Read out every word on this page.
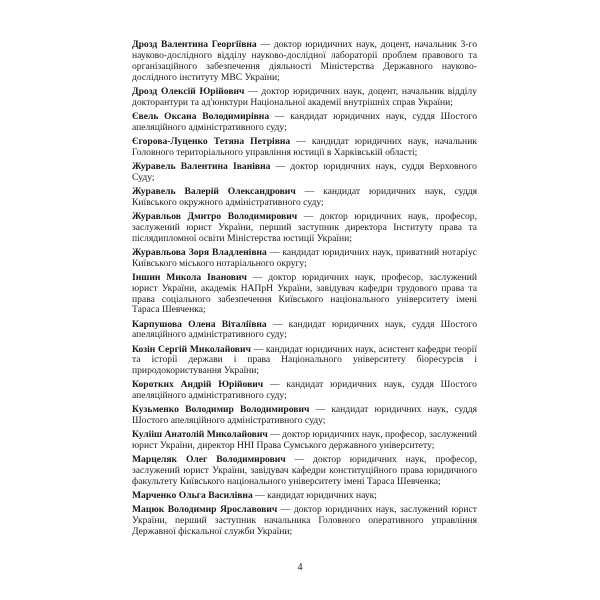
Дрозд Валентина Георгіївна — доктор юридичних наук, доцент, начальник 3-го науково-дослідного відділу науково-дослідної лабораторії проблем правового та організаційного забезпечення діяльності Міністерства Державного науково-дослідного інституту МВС України;

Дрозд Олексій Юрійович — доктор юридичних наук, доцент, начальник відділу докторантури та ад'юнктури Національної академії внутрішніх справ України;

Євель Оксана Володимирівна — кандидат юридичних наук, суддя Шостого апеляційного адміністративного суду;

Єгорова-Луценко Тетяна Петрівна — кандидат юридичних наук, начальник Головного територіального управління юстиції в Харківській області;

Журавель Валентина Іванівна — доктор юридичних наук, суддя Верховного Суду;

Журавель Валерій Олександрович — кандидат юридичних наук, суддя Київського окружного адміністративного суду;

Журавльов Дмитро Володимирович — доктор юридичних наук, професор, заслужений юрист України, перший заступник директора Інституту права та післядипломної освіти Міністерства юстиції України;

Журавльова Зоря Владленівна — кандидат юридичних наук, приватний нотаріус Київського міського нотаріального округу;

Іншин Микола Іванович — доктор юридичних наук, професор, заслужений юрист України, академік НАПрН України, завідувач кафедри трудового права та права соціального забезпечення Київського національного університету імені Тараса Шевченка;

Карпушова Олена Віталіївна — кандидат юридичних наук, суддя Шостого апеляційного адміністративного суду;

Козін Сергій Миколайович — кандидат юридичних наук, асистент кафедри теорії та історії держави і права Національного університету біоресурсів і природокористування України;

Коротких Андрій Юрійович — кандидат юридичних наук, суддя Шостого апеляційного адміністративного суду;

Кузьменко Володимир Володимирович — кандидат юридичних наук, суддя Шостого апеляційного адміністративного суду;

Кулііш Анатолій Миколайович — доктор юридичних наук, професор, заслужений юрист України, директор ННІ Права Сумського державного університету;

Марцеляк Олег Володимирович — доктор юридичних наук, професор, заслужений юрист України, завідувач кафедри конституційного права юридичного факультету Київського національного університету імені Тараса Шевченка;

Марченко Ольга Василівна — кандидат юридичних наук;

Мацюк Володимир Ярославович — доктор юридичних наук, заслужений юрист України, перший заступник начальника Головного оперативного управління Державної фіскальної служби України;

4
